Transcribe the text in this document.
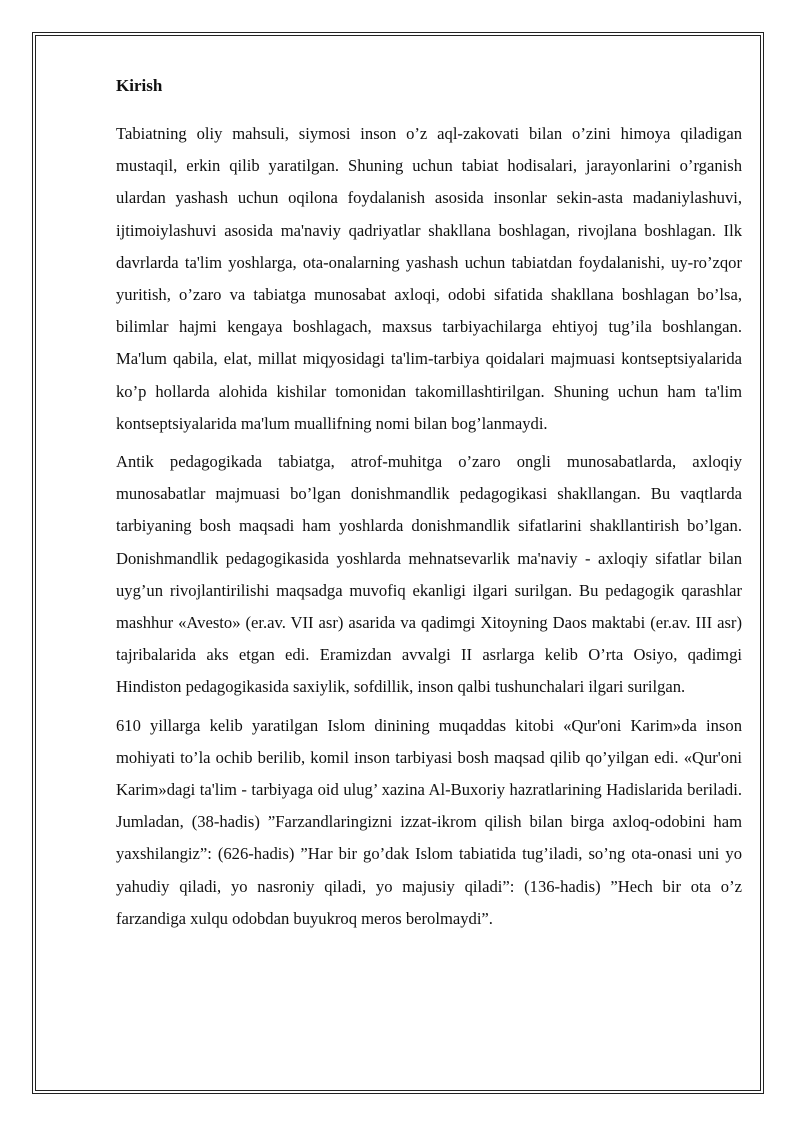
Kirish

Tabiatning oliy mahsuli, siymosi inson o’z aql-zakovati bilan o’zini himoya qiladigan mustaqil, erkin qilib yaratilgan. Shuning uchun tabiat hodisalari, jarayonlarini o’rganish ulardan yashash uchun oqilona foydalanish asosida insonlar sekin-asta madaniylashuvi, ijtimoiylashuvi asosida ma'naviy qadriyatlar shakllana boshlagan, rivojlana boshlagan. Ilk davrlarda ta'lim yoshlarga, ota-onalarning yashash uchun tabiatdan foydalanishi, uy-ro’zqor yuritish, o’zaro va tabiatga munosabat axloqi, odobi sifatida shakllana boshlagan bo’lsa, bilimlar hajmi kengaya boshlagach, maxsus tarbiyachilarga ehtiyoj tug’ila boshlangan. Ma'lum qabila, elat, millat miqyosidagi ta'lim-tarbiya qoidalari majmuasi kontseptsiyalarida ko’p hollarda alohida kishilar tomonidan takomillashtirilgan. Shuning uchun ham ta'lim kontseptsiyalarida ma'lum muallifning nomi bilan bog’lanmaydi.

Antik pedagogikada tabiatga, atrof-muhitga o’zaro ongli munosabatlarda, axloqiy munosabatlar majmuasi bo’lgan donishmandlik pedagogikasi shakllangan. Bu vaqtlarda tarbiyaning bosh maqsadi ham yoshlarda donishmandlik sifatlarini shakllantirish bo’lgan. Donishmandlik pedagogikasida yoshlarda mehnatsevarlik ma'naviy - axloqiy sifatlar bilan uyg’un rivojlantirilishi maqsadga muvofiq ekanligi ilgari surilgan. Bu pedagogik qarashlar mashhur «Avesto» (er.av. VII asr) asarida va qadimgi Xitoyning Daos maktabi (er.av. III asr) tajribalarida aks etgan edi. Eramizdan avvalgi II asrlarga kelib O’rta Osiyo, qadimgi Hindiston pedagogikasida saxiylik, sofdillik, inson qalbi tushunchalari ilgari surilgan.

610 yillarga kelib yaratilgan Islom dinining muqaddas kitobi «Qur'oni Karim»da inson mohiyati to’la ochib berilib, komil inson tarbiyasi bosh maqsad qilib qo’yilgan edi. «Qur'oni Karim»dagi ta'lim - tarbiyaga oid ulug’ xazina Al-Buxoriy hazratlarining Hadislarida beriladi. Jumladan, (38-hadis) ”Farzandlaringizni izzat-ikrom qilish bilan birga axloq-odobini ham yaxshilangiz”: (626-hadis) ”Har bir go’dak Islom tabiatida tug’iladi, so’ng ota-onasi uni yo yahudiy qiladi, yo nasroniy qiladi, yo majusiy qiladi”: (136-hadis) ”Hech bir ota o’z farzandiga xulqu odobdan buyukroq meros berolmaydi”.
